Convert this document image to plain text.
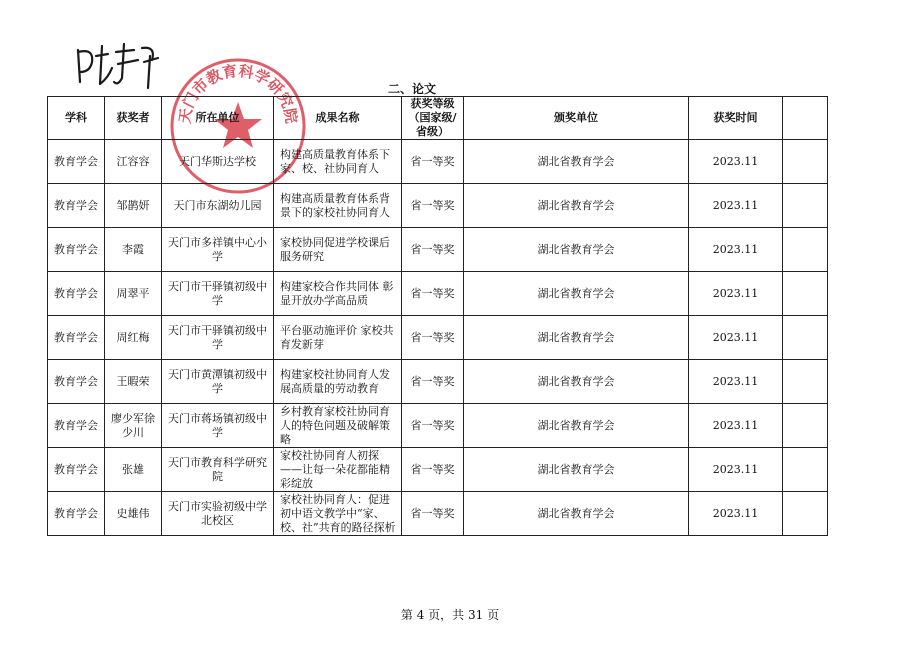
天门市教育科学研究院
二、论文
学科	获奖者	所在单位	成果名称	获奖等级（国家级/省级）	颁奖单位	获奖时间	
教育学会	江容容	天门华斯达学校	构建高质量教育体系下家、校、社协同育人	省一等奖	湖北省教育学会	2023.11	
教育学会	邹鹊妍	天门市东湖幼儿园	构建高质量教育体系背景下的家校社协同育人	省一等奖	湖北省教育学会	2023.11	
教育学会	李霞	天门市多祥镇中心小学	家校协同促进学校课后服务研究	省一等奖	湖北省教育学会	2023.11	
教育学会	周翠平	天门市干驿镇初级中学	构建家校合作共同体 彰显开放办学高品质	省一等奖	湖北省教育学会	2023.11	
教育学会	周红梅	天门市干驿镇初级中学	平台驱动施评价 家校共育发新芽	省一等奖	湖北省教育学会	2023.11	
教育学会	王暇荣	天门市黄潭镇初级中学	构建家校社协同育人发展高质量的劳动教育	省一等奖	湖北省教育学会	2023.11	
教育学会	廖少军徐少川	天门市蒋场镇初级中学	乡村教育家校社协同育人的特色问题及破解策略	省一等奖	湖北省教育学会	2023.11	
教育学会	张雄	天门市教育科学研究院	家校社协同育人初探——让每一朵花都能精彩绽放	省一等奖	湖北省教育学会	2023.11	
教育学会	史雄伟	天门市实验初级中学北校区	家校社协同育人：促进初中语文教学中“家、校、社”共育的路径探析	省一等奖	湖北省教育学会	2023.11	
第 4 页，共 31 页
